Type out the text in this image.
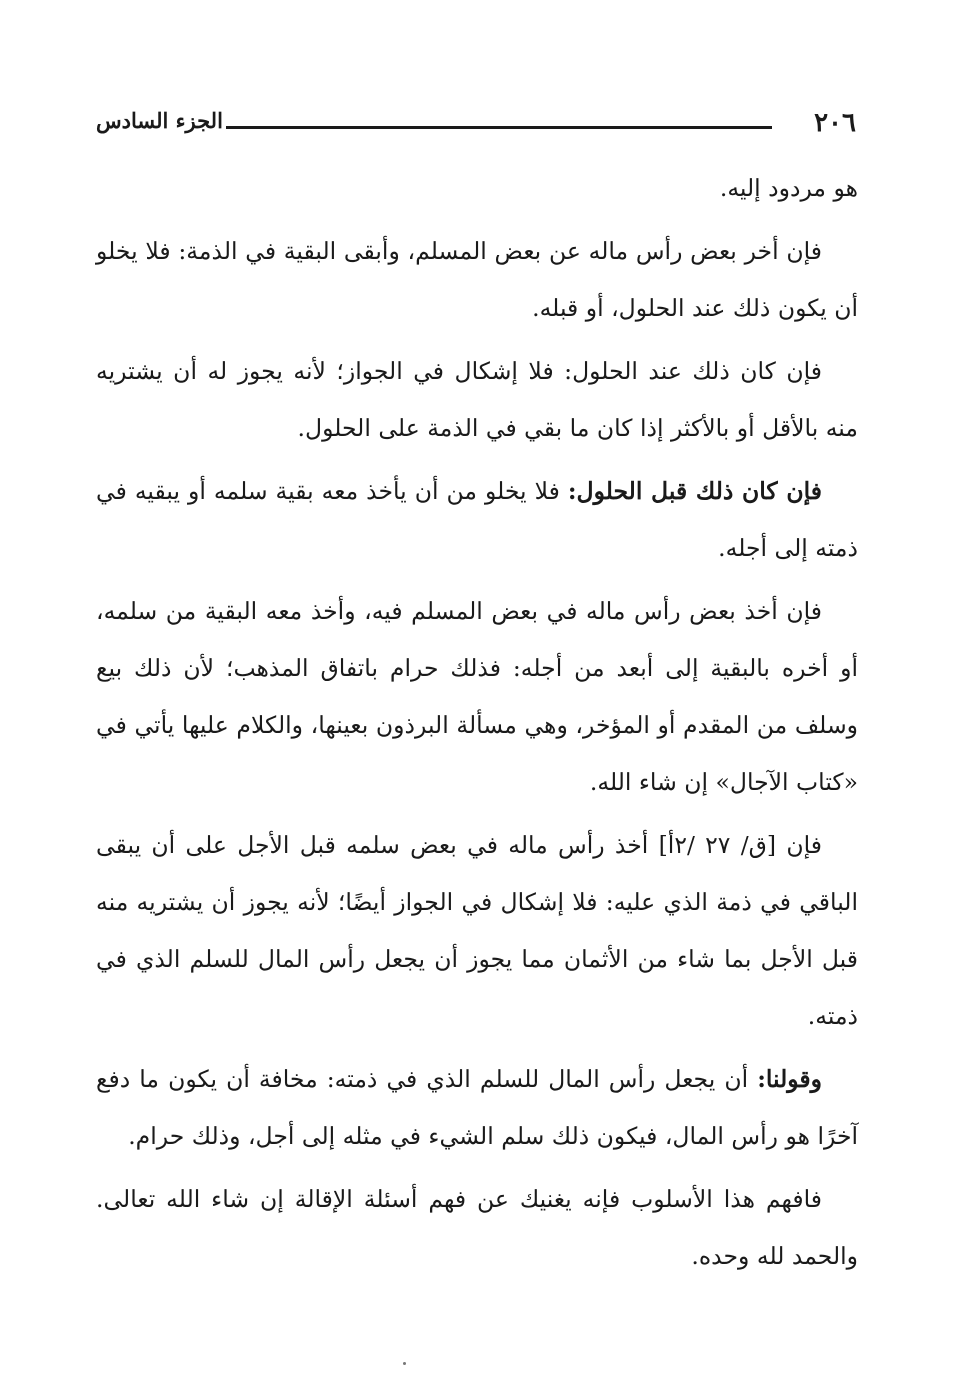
٢٠٦
الجزء السادس

هو مردود إليه.

فإن أخر بعض رأس ماله عن بعض المسلم، وأبقى البقية في الذمة: فلا يخلو أن يكون ذلك عند الحلول، أو قبله.

فإن كان ذلك عند الحلول: فلا إشكال في الجواز؛ لأنه يجوز له أن يشتريه منه بالأقل أو بالأكثر إذا كان ما بقي في الذمة على الحلول.

فإن كان ذلك قبل الحلول: فلا يخلو من أن يأخذ معه بقية سلمه أو يبقيه في ذمته إلى أجله.

فإن أخذ بعض رأس ماله في بعض المسلم فيه، وأخذ معه البقية من سلمه، أو أخره بالبقية إلى أبعد من أجله: فذلك حرام باتفاق المذهب؛ لأن ذلك بيع وسلف من المقدم أو المؤخر، وهي مسألة البرذون بعينها، والكلام عليها يأتي في «كتاب الآجال» إن شاء الله.

فإن [ق/ ٢٧ /٢أ] أخذ رأس ماله في بعض سلمه قبل الأجل على أن يبقى الباقي في ذمة الذي عليه: فلا إشكال في الجواز أيضًا؛ لأنه يجوز أن يشتريه منه قبل الأجل بما شاء من الأثمان مما يجوز أن يجعل رأس المال للسلم الذي في ذمته.

وقولنا: أن يجعل رأس المال للسلم الذي في ذمته: مخافة أن يكون ما دفع آخرًا هو رأس المال، فيكون ذلك سلم الشيء في مثله إلى أجل، وذلك حرام.

فافهم هذا الأسلوب فإنه يغنيك عن فهم أسئلة الإقالة إن شاء الله تعالى. والحمد لله وحده.
